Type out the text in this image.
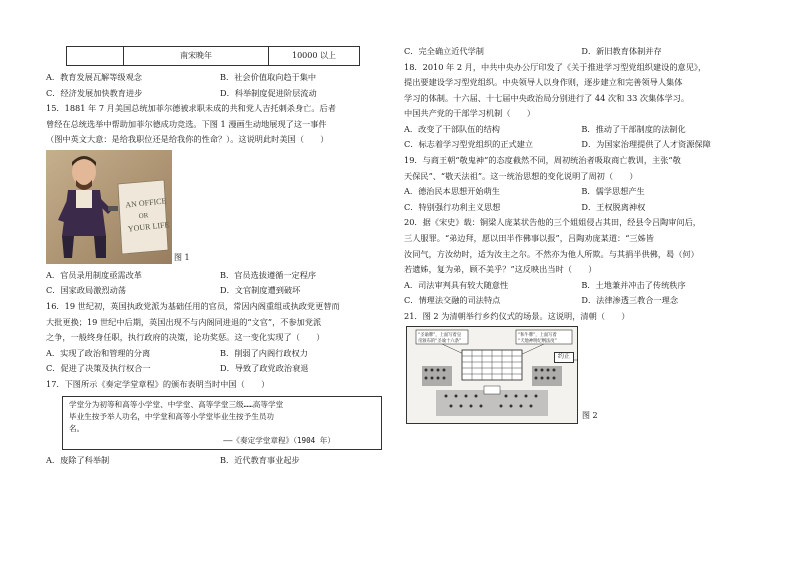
	南宋晚年	10000 以上
A．教育发展瓦解等级观念	B．社会价值取向趋于集中
C．经济发展加快教育进步	D．科举制度促进阶层流动
15．1881 年 7 月美国总统加菲尔德被求职未成的共和党人吉托刺杀身亡。后者
曾经在总统选举中帮助加菲尔德成功竞选。下图 1 漫画生动地展现了这一事件
（图中英文大意：是给我职位还是给我你的性命？）。这说明此时美国（　　）
AN OFFICE
OR
YOUR LIFE
图 1
A．官员录用制度亟需改革	B．官员选拔遵循一定程序
C．国家政局激烈动荡	D．文官制度遭到破坏
16．19 世纪初，英国执政党派为基础任用的官员，常因内阁重组或执政党更替而
大批更换；19 世纪中后期，英国出现不与内阁同进退的“文官”，不参加党派
之争，一般终身任职，执行政府的决策，论功奖惩。这一变化实现了（　　）
A．实现了政治和管理的分离	B．削弱了内阁行政权力
C．促进了决策及执行权合一	D．导致了政党政治衰退
17．下图所示《奏定学堂章程》的颁布表明当时中国（　　）
学堂分为初等和高等小学堂、中学堂、高等学堂三级……高等学堂
毕业生按予举人功名，中学堂和高等小学堂毕业生按予生员功
名。
——《奏定学堂章程》（1904 年）
A．废除了科举制	B．近代教育事业起步
C．完全确立近代学制	D．新旧教育体制并存
18．2010 年 2 月，中共中央办公厅印发了《关于推进学习型党组织建设的意见》，
提出要建设学习型党组织。中央领导人以身作则，逐步建立和完善领导人集体
学习的体制。十六届、十七届中央政治局分别进行了 44 次和 33 次集体学习。
中国共产党的干部学习机制（　　）
A．改变了干部队伍的结构	B．推动了干部制度的法制化
C．标志着学习型党组织的正式建立	D．为国家治理提供了人才资源保障
19．与商王朝“敬鬼神”的态度截然不同，周初统治者吸取商亡教训，主张“敬
天保民”、“敬天法祖”。这一统治思想的变化说明了周初（　　）
A．德治民本思想开始萌生	B．儒学思想产生
C．特别强行功利主义思想	D．王权脱离神权
20．据《宋史》载：铜梁人庞某状告他的三个姐姐侵占其田，经县令吕陶审问后，
三人服罪。“弟边拜，愿以田半作佛事以报”，吕陶劝庞某道：“三姊皆
汝同气，方汝幼时，适为汝主之尔。不然亦为他人所欺。与其捐半供佛，曷（何）
若遗姊，复为弟，顾不美乎？”这反映出当时（　　）
A．司法审判具有较大随意性	B．土地兼并冲击了传统秩序
C．情理法交融的司法特点	D．法律渗透三教合一理念
21．图 2 为清朝举行乡约仪式的场景。这说明，清朝（　　）
“圣谕牌”，上面写着皇
帝颁布的“圣谕十六条”
“和牛牌”，上面写着
“天地神明纪纲法度”
约正
图 2
